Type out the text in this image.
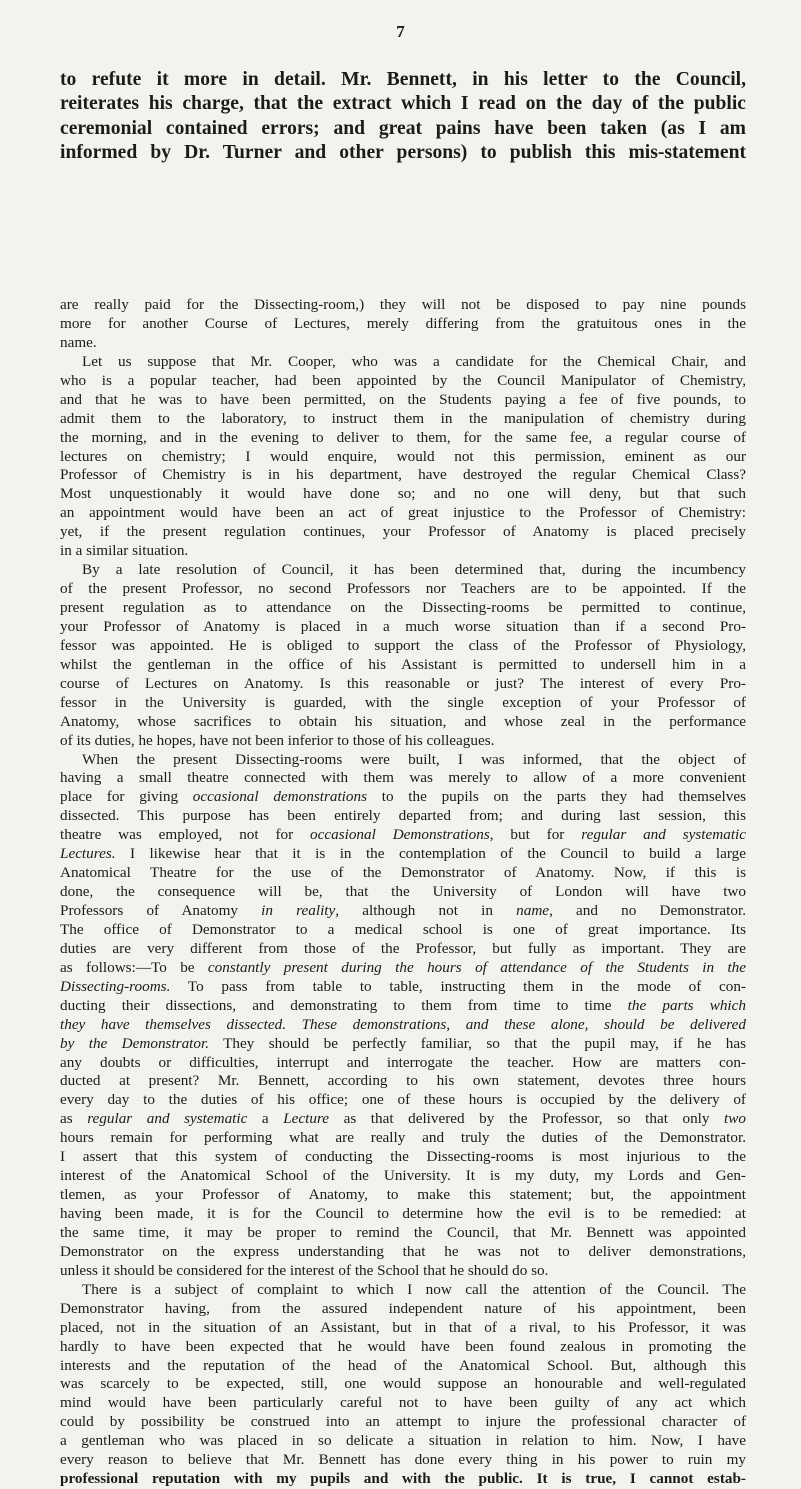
7
to refute it more in detail. Mr. Bennett, in his letter to the Council,
reiterates his charge, that the extract which I read on the day of the public
ceremonial contained errors; and great pains have been taken (as I am
informed by Dr. Turner and other persons) to publish this mis-statement
are really paid for the Dissecting-room,) they will not be disposed to pay nine pounds
more for another Course of Lectures, merely differing from the gratuitous ones in the
name.
Let us suppose that Mr. Cooper, who was a candidate for the Chemical Chair, and
who is a popular teacher, had been appointed by the Council Manipulator of Chemistry,
and that he was to have been permitted, on the Students paying a fee of five pounds, to
admit them to the laboratory, to instruct them in the manipulation of chemistry during
the morning, and in the evening to deliver to them, for the same fee, a regular course of
lectures on chemistry; I would enquire, would not this permission, eminent as our
Professor of Chemistry is in his department, have destroyed the regular Chemical Class?
Most unquestionably it would have done so; and no one will deny, but that such
an appointment would have been an act of great injustice to the Professor of Chemistry:
yet, if the present regulation continues, your Professor of Anatomy is placed precisely
in a similar situation.
By a late resolution of Council, it has been determined that, during the incumbency
of the present Professor, no second Professors nor Teachers are to be appointed. If the
present regulation as to attendance on the Dissecting-rooms be permitted to continue,
your Professor of Anatomy is placed in a much worse situation than if a second Pro-
fessor was appointed. He is obliged to support the class of the Professor of Physiology,
whilst the gentleman in the office of his Assistant is permitted to undersell him in a
course of Lectures on Anatomy. Is this reasonable or just? The interest of every Pro-
fessor in the University is guarded, with the single exception of your Professor of
Anatomy, whose sacrifices to obtain his situation, and whose zeal in the performance
of its duties, he hopes, have not been inferior to those of his colleagues.
When the present Dissecting-rooms were built, I was informed, that the object of
having a small theatre connected with them was merely to allow of a more convenient
place for giving occasional demonstrations to the pupils on the parts they had themselves
dissected. This purpose has been entirely departed from; and during last session, this
theatre was employed, not for occasional Demonstrations, but for regular and systematic
Lectures. I likewise hear that it is in the contemplation of the Council to build a large
Anatomical Theatre for the use of the Demonstrator of Anatomy. Now, if this is
done, the consequence will be, that the University of London will have two
Professors of Anatomy in reality, although not in name, and no Demonstrator.
The office of Demonstrator to a medical school is one of great importance. Its
duties are very different from those of the Professor, but fully as important. They are
as follows:—To be constantly present during the hours of attendance of the Students in the
Dissecting-rooms. To pass from table to table, instructing them in the mode of con-
ducting their dissections, and demonstrating to them from time to time the parts which
they have themselves dissected. These demonstrations, and these alone, should be delivered
by the Demonstrator. They should be perfectly familiar, so that the pupil may, if he has
any doubts or difficulties, interrupt and interrogate the teacher. How are matters con-
ducted at present? Mr. Bennett, according to his own statement, devotes three hours
every day to the duties of his office; one of these hours is occupied by the delivery of
as regular and systematic a Lecture as that delivered by the Professor, so that only two
hours remain for performing what are really and truly the duties of the Demonstrator.
I assert that this system of conducting the Dissecting-rooms is most injurious to the
interest of the Anatomical School of the University. It is my duty, my Lords and Gen-
tlemen, as your Professor of Anatomy, to make this statement; but, the appointment
having been made, it is for the Council to determine how the evil is to be remedied: at
the same time, it may be proper to remind the Council, that Mr. Bennett was appointed
Demonstrator on the express understanding that he was not to deliver demonstrations,
unless it should be considered for the interest of the School that he should do so.
There is a subject of complaint to which I now call the attention of the Council. The
Demonstrator having, from the assured independent nature of his appointment, been
placed, not in the situation of an Assistant, but in that of a rival, to his Professor, it was
hardly to have been expected that he would have been found zealous in promoting the
interests and the reputation of the head of the Anatomical School. But, although this
was scarcely to be expected, still, one would suppose an honourable and well-regulated
mind would have been particularly careful not to have been guilty of any act which
could by possibility be construed into an attempt to injure the professional character of
a gentleman who was placed in so delicate a situation in relation to him. Now, I have
every reason to believe that Mr. Bennett has done every thing in his power to ruin my
professional reputation with my pupils and with the public. It is true, I cannot estab-
